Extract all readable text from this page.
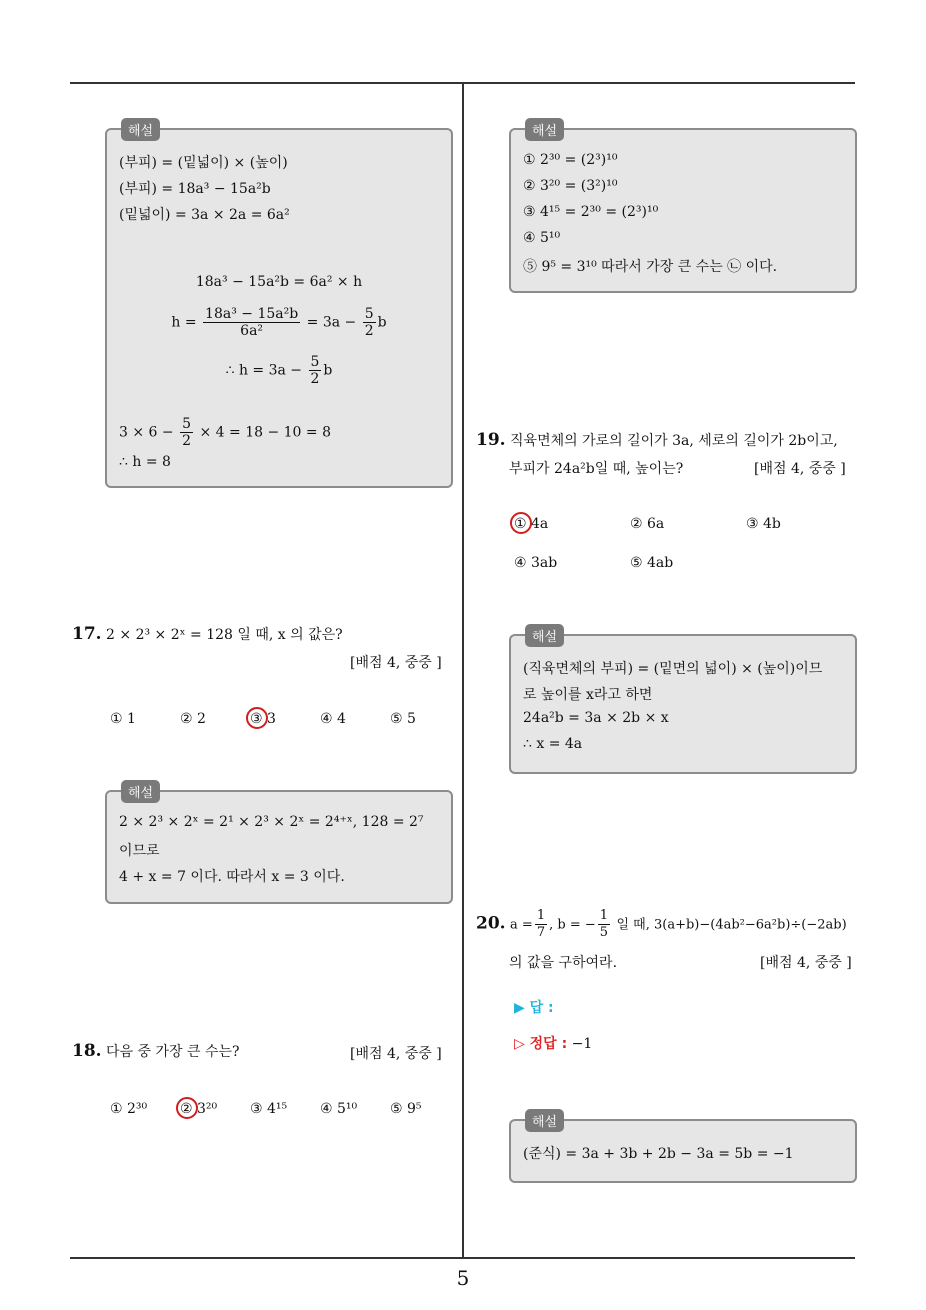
5
해설
(부피) = (밑넓이) × (높이)
(부피) = 18a³ − 15a²b
(밑넓이) = 3a × 2a = 6a²
18a³ − 15a²b = 6a² × h
$h = \frac{\text{18a³ − 15a²b}}{\text{6a²}} = 3a - \frac{5}{2}$ b
∴ $h = 3a - \frac{5}{2}$ b
$3 \times 6 - \frac{5}{2} \times 4 = 18 - 10 = 8$
∴ h = 8
17. 2 × 2³ × 2ˣ = 128 일 때, x 의 값은?
[배점 4, 중중 ]
① 1	② 2	③ 3	④ 4	⑤ 5
해설
2 × 2³ × 2ˣ = 2¹ × 2³ × 2ˣ = 2⁴⁺ˣ, 128 = 2⁷
이므로
4 + x = 7 이다. 따라서 x = 3 이다.
18. 다음 중 가장 큰 수는?	[배점 4, 중중 ]
① 2³⁰ ② 3²⁰ ③ 4¹⁵ ④ 5¹⁰ ⑤ 9⁵
해설
① 2³⁰ = (2³)¹⁰
② 3²⁰ = (3²)¹⁰
③ 4¹⁵ = 2³⁰ = (2³)¹⁰
④ 5¹⁰
⑤ 9⁵ = 3¹⁰ 따라서 가장 큰 수는 ㉡ 이다.
19. 직육면체의 가로의 길이가 3a, 세로의 길이가 2b이고,
부피가 24a²b일 때, 높이는?	[배점 4, 중중 ]
① 4a	② 6a	③ 4b
④ 3ab	⑤ 4ab
해설
(직육면체의 부피) = (밑면의 넓이) × (높이)이므
로 높이를 x라고 하면
24a²b = 3a × 2b × x
∴ x = 4a
20. $a = \frac{1}{7}$ , b = − $\frac{1}{5}$ 일 때, 3(a+b)−(4ab²−6a²b)÷(−2ab)
의 값을 구하여라.	[배점 4, 중중 ]
▶ 답 :
▷ 정답 : −1
해설
(준식) = 3a + 3b + 2b − 3a = 5b = −1
